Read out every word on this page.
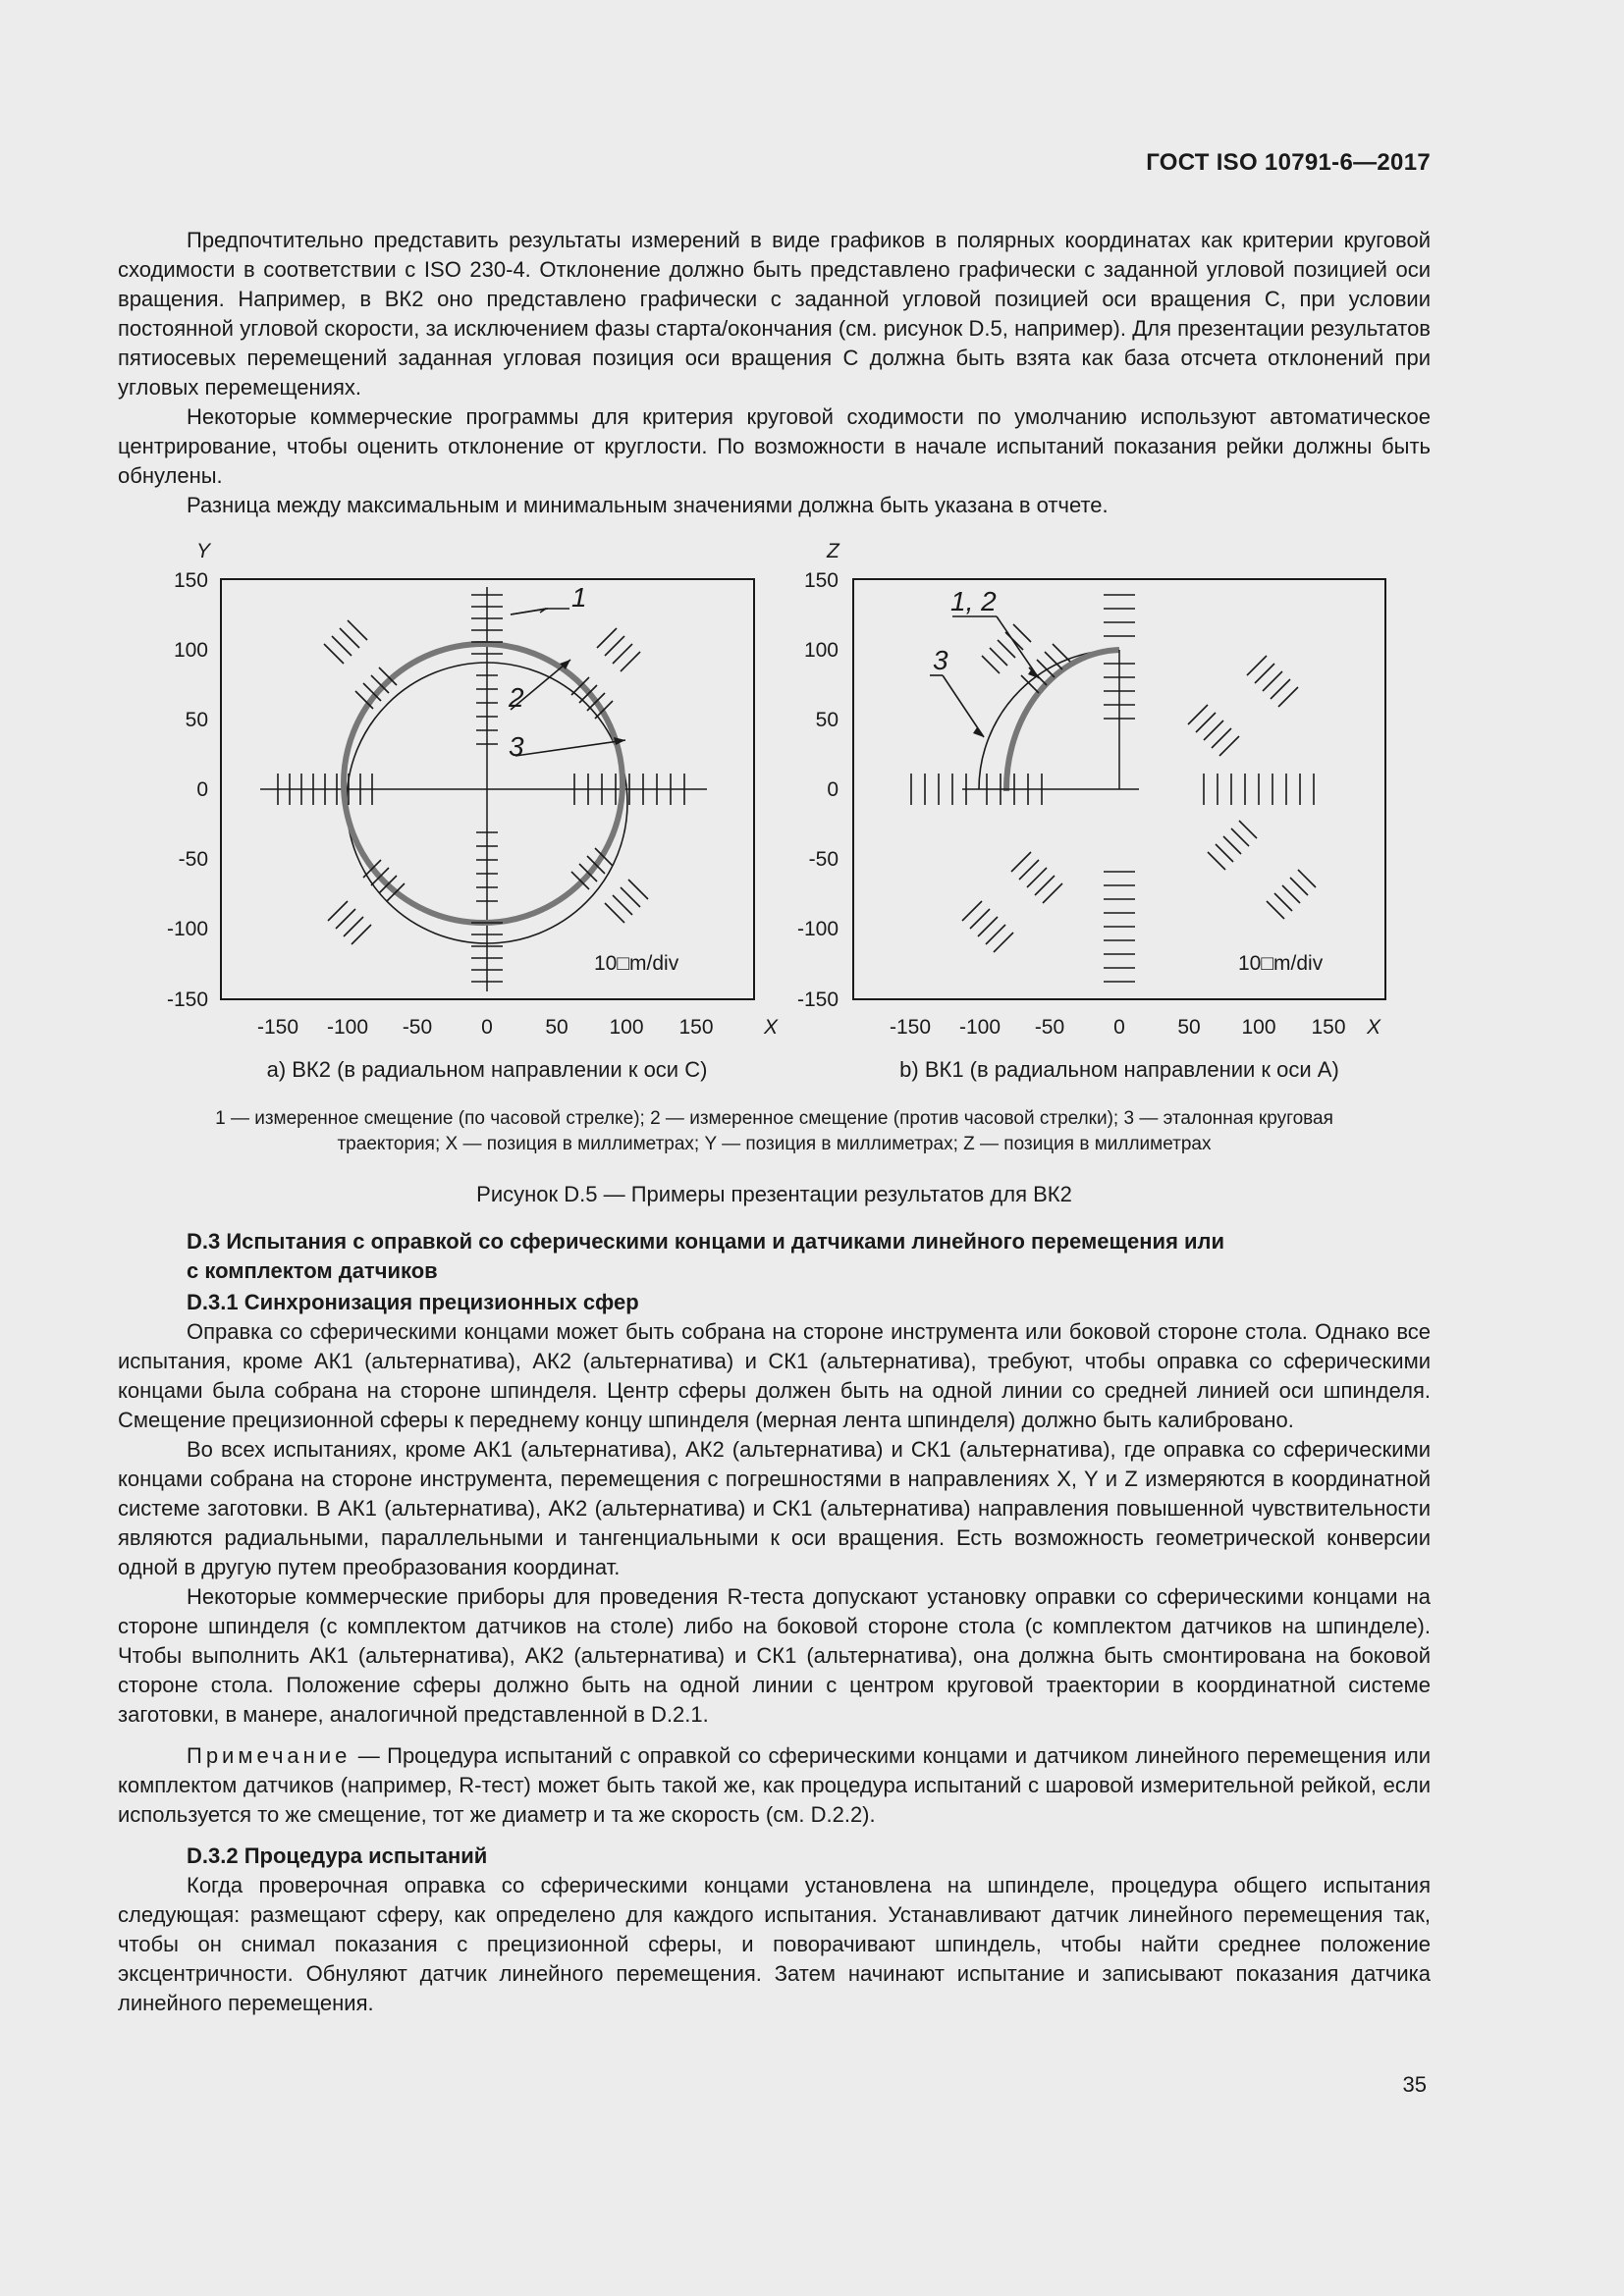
ГОСТ ISO 10791-6—2017

Предпочтительно представить результаты измерений в виде графиков в полярных координатах как критерии круговой сходимости в соответствии с ISO 230-4. Отклонение должно быть представлено графически с заданной угловой позицией оси вращения. Например, в ВК2 оно представлено графически с заданной угловой позицией оси вращения C, при условии постоянной угловой скорости, за исключением фазы старта/окончания (см. рисунок D.5, например). Для презентации результатов пятиосевых перемещений заданная угловая позиция оси вращения C должна быть взята как база отсчета отклонений при угловых перемещениях.

Некоторые коммерческие программы для критерия круговой сходимости по умолчанию используют автоматическое центрирование, чтобы оценить отклонение от круглости. По возможности в начале испытаний показания рейки должны быть обнулены.

Разница между максимальным и минимальным значениями должна быть указана в отчете.

Y
X
150
100
50
0
-50
-100
-150
-150 -100 -50 0	50 100 150
10□m/div
1
2
3
a) ВК2 (в радиальном направлении к оси C)
Z
X
150
100
50
0
-50
-100
-150
-150 -100 -50 0	50 100 150
10□m/div
1, 2
3
b) ВК1 (в радиальном направлении к оси A)
1 — измеренное смещение (по часовой стрелке); 2 — измеренное смещение (против часовой стрелки); 3 — эталонная круговая
траектория; X — позиция в миллиметрах; Y — позиция в миллиметрах; Z — позиция в миллиметрах
Рисунок D.5 — Примеры презентации результатов для ВК2

D.3 Испытания с оправкой со сферическими концами и датчиками линейного перемещения или

с комплектом датчиков

D.3.1 Синхронизация прецизионных сфер

Оправка со сферическими концами может быть собрана на стороне инструмента или боковой стороне стола. Однако все испытания, кроме АК1 (альтернатива), АК2 (альтернатива) и СК1 (альтернатива), требуют, чтобы оправка со сферическими концами была собрана на стороне шпинделя. Центр сферы должен быть на одной линии со средней линией оси шпинделя. Смещение прецизионной сферы к переднему концу шпинделя (мерная лента шпинделя) должно быть калибровано.

Во всех испытаниях, кроме АК1 (альтернатива), АК2 (альтернатива) и СК1 (альтернатива), где оправка со сферическими концами собрана на стороне инструмента, перемещения с погрешностями в направлениях X, Y и Z измеряются в координатной системе заготовки. В АК1 (альтернатива), АК2 (альтернатива) и СК1 (альтернатива) направления повышенной чувствительности являются радиальными, параллельными и тангенциальными к оси вращения. Есть возможность геометрической конверсии одной в другую путем преобразования координат.

Некоторые коммерческие приборы для проведения R-теста допускают установку оправки со сферическими концами на стороне шпинделя (с комплектом датчиков на столе) либо на боковой стороне стола (с комплектом датчиков на шпинделе). Чтобы выполнить АК1 (альтернатива), АК2 (альтернатива) и СК1 (альтернатива), она должна быть смонтирована на боковой стороне стола. Положение сферы должно быть на одной линии с центром круговой траектории в координатной системе заготовки, в манере, аналогичной представленной в D.2.1.

Примечание — Процедура испытаний с оправкой со сферическими концами и датчиком линейного перемещения или комплектом датчиков (например, R-тест) может быть такой же, как процедура испытаний с шаровой измерительной рейкой, если используется то же смещение, тот же диаметр и та же скорость (см. D.2.2).

D.3.2 Процедура испытаний

Когда проверочная оправка со сферическими концами установлена на шпинделе, процедура общего испытания следующая: размещают сферу, как определено для каждого испытания. Устанавливают датчик линейного перемещения так, чтобы он снимал показания с прецизионной сферы, и поворачивают шпиндель, чтобы найти среднее положение эксцентричности. Обнуляют датчик линейного перемещения. Затем начинают испытание и записывают показания датчика линейного перемещения.

35
